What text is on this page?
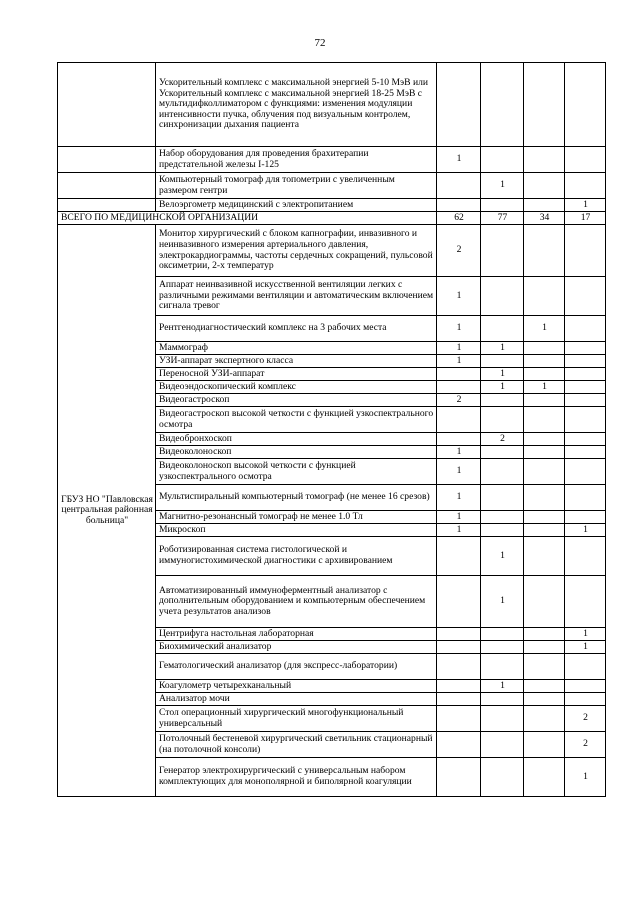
72
	Ускорительный комплекс с максимальной энергией 5-10 МэВ или Ускорительный комплекс с максимальной энергией 18-25 МэВ с мультидифколлиматором с функциями: изменения модуляции интенсивности пучка, облучения под визуальным контролем, синхронизации дыхания пациента				
	Набор оборудования для проведения брахитерапии предстательной железы I-125	1			
	Компьютерный томограф для топометрии с увеличенным размером гентри		1		
	Велоэргометр медицинский с электропитанием				1
ВСЕГО ПО МЕДИЦИНСКОЙ ОРГАНИЗАЦИИ		62	77	34	17
ГБУЗ НО "Павловская центральная районная больница"	Монитор хирургический с блоком капнографии, инвазивного и неинвазивного измерения артериального давления, электрокардиограммы, частоты сердечных сокращений, пульсовой оксиметрии, 2-х температур	2			
	Аппарат неинвазивной искусственной вентиляции легких с различными режимами вентиляции и автоматическим включением сигнала тревог	1			
	Рентгенодиагностический комплекс на 3 рабочих места	1		1	
	Маммограф	1	1		
	УЗИ-аппарат экспертного класса	1			
	Переносной УЗИ-аппарат		1		
	Видеоэндоскопический комплекс		1	1	
	Видеогастроскоп	2			
	Видеогастроскоп высокой четкости с функцией узкоспектрального осмотра				
	Видеобронхоскоп		2		
	Видеоколоноскоп	1			
	Видеоколоноскоп высокой четкости с функцией узкоспектрального осмотра	1			
	Мультиспиральный компьютерный томограф (не менее 16 срезов)	1			
	Магнитно-резонансный томограф не менее 1.0 Тл	1			
	Микроскоп	1			1
	Роботизированная система гистологической и иммуногистохимической диагностики с архивированием		1		
	Автоматизированный иммуноферментный анализатор с дополнительным оборудованием и компьютерным обеспечением учета результатов анализов		1		
	Центрифуга настольная лабораторная				1
	Биохимический анализатор				1
	Гематологический анализатор (для экспресс-лаборатории)				
	Коагулометр четырехканальный		1		
	Анализатор мочи				
	Стол операционный хирургический многофункциональный универсальный				2
	Потолочный бестеневой хирургический светильник стационарный (на потолочной консоли)				2
	Генератор электрохирургический с универсальным набором комплектующих для монополярной и биполярной коагуляции				1
